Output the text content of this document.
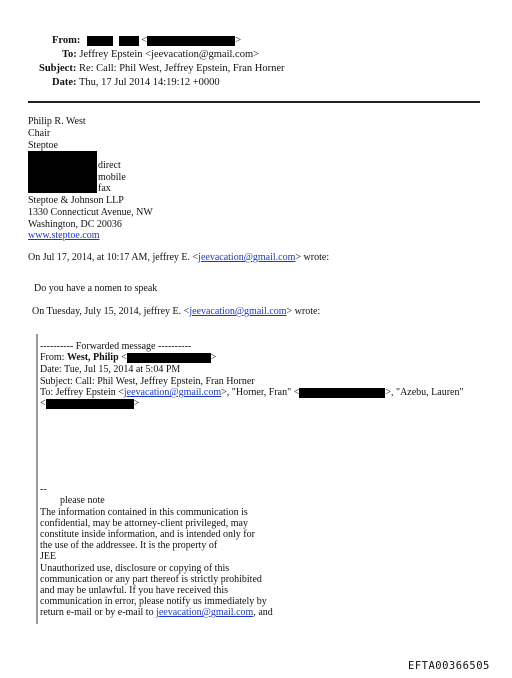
From:	<	>
To: Jeffrey Epstein <jeevacation@gmail.com>
Subject: Re: Call: Phil West, Jeffrey Epstein, Fran Horner
Date: Thu, 17 Jul 2014 14:19:12 +0000
Philip R. West
Chair
Steptoe
direct
mobile
fax
Steptoe & Johnson LLP
1330 Connecticut Avenue, NW
Washington, DC 20036
www.steptoe.com
On Jul 17, 2014, at 10:17 AM, jeffrey E. <jeevacation@gmail.com> wrote:
Do you have a nomen to speak
On Tuesday, July 15, 2014, jeffrey E. <jeevacation@gmail.com> wrote:
---------- Forwarded message ----------
From: West, Philip <	>
Date: Tue, Jul 15, 2014 at 5:04 PM
Subject: Call: Phil West, Jeffrey Epstein, Fran Horner
To: Jeffrey Epstein <jeevacation@gmail.com>, "Horner, Fran" <	>, "Azebu, Lauren"
<	>
--
please note
The information contained in this communication is
confidential, may be attorney-client privileged, may
constitute inside information, and is intended only for
the use of the addressee. It is the property of
JEE
Unauthorized use, disclosure or copying of this
communication or any part thereof is strictly prohibited
and may be unlawful. If you have received this
communication in error, please notify us immediately by
return e-mail or by e-mail to jeevacation@gmail.com, and
EFTA00366505
